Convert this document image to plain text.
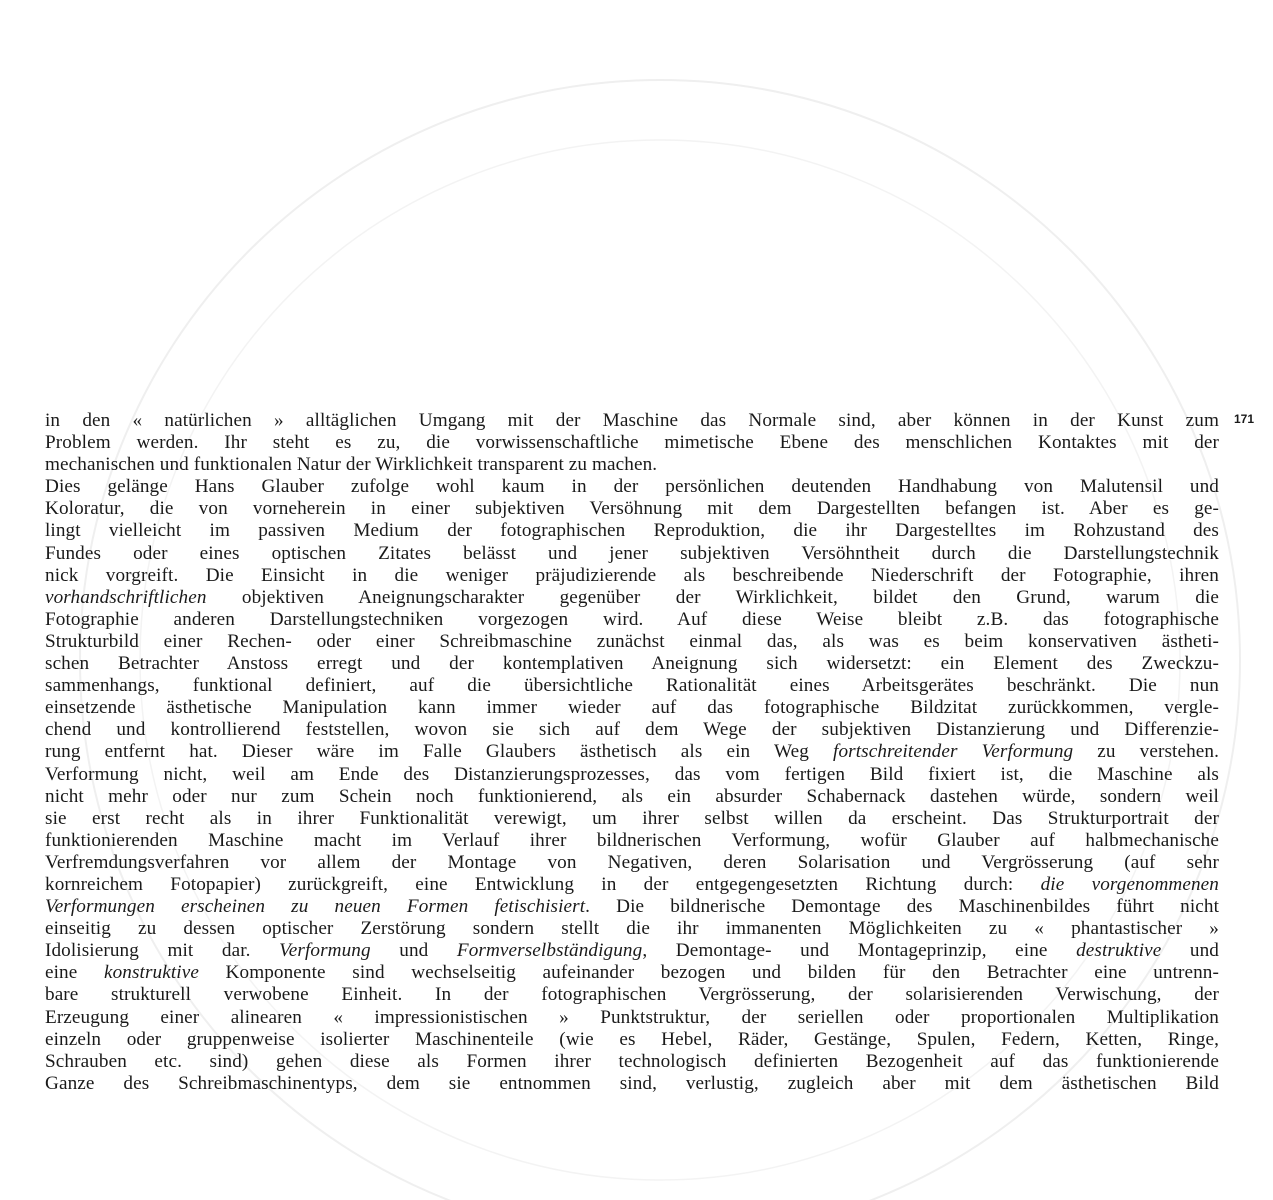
171
in den « natürlichen » alltäglichen Umgang mit der Maschine das Normale sind, aber können in der Kunst zum
Problem werden. Ihr steht es zu, die vorwissenschaftliche mimetische Ebene des menschlichen Kontaktes mit der
mechanischen und funktionalen Natur der Wirklichkeit transparent zu machen.
Dies gelänge Hans Glauber zufolge wohl kaum in der persönlichen deutenden Handhabung von Malutensil und
Koloratur, die von vorneherein in einer subjektiven Versöhnung mit dem Dargestellten befangen ist. Aber es ge-
lingt vielleicht im passiven Medium der fotographischen Reproduktion, die ihr Dargestelltes im Rohzustand des
Fundes oder eines optischen Zitates belässt und jener subjektiven Versöhntheit durch die Darstellungstechnik
nick vorgreift. Die Einsicht in die weniger präjudizierende als beschreibende Niederschrift der Fotographie, ihren
vorhandschriftlichen objektiven Aneignungscharakter gegenüber der Wirklichkeit, bildet den Grund, warum die
Fotographie anderen Darstellungstechniken vorgezogen wird. Auf diese Weise bleibt z.B. das fotographische
Strukturbild einer Rechen- oder einer Schreibmaschine zunächst einmal das, als was es beim konservativen ästheti-
schen Betrachter Anstoss erregt und der kontemplativen Aneignung sich widersetzt: ein Element des Zweckzu-
sammenhangs, funktional definiert, auf die übersichtliche Rationalität eines Arbeitsgerätes beschränkt. Die nun
einsetzende ästhetische Manipulation kann immer wieder auf das fotographische Bildzitat zurückkommen, vergle-
chend und kontrollierend feststellen, wovon sie sich auf dem Wege der subjektiven Distanzierung und Differenzie-
rung entfernt hat. Dieser wäre im Falle Glaubers ästhetisch als ein Weg fortschreitender Verformung zu verstehen.
Verformung nicht, weil am Ende des Distanzierungsprozesses, das vom fertigen Bild fixiert ist, die Maschine als
nicht mehr oder nur zum Schein noch funktionierend, als ein absurder Schabernack dastehen würde, sondern weil
sie erst recht als in ihrer Funktionalität verewigt, um ihrer selbst willen da erscheint. Das Strukturportrait der
funktionierenden Maschine macht im Verlauf ihrer bildnerischen Verformung, wofür Glauber auf halbmechanische
Verfremdungsverfahren vor allem der Montage von Negativen, deren Solarisation und Vergrösserung (auf sehr
kornreichem Fotopapier) zurückgreift, eine Entwicklung in der entgegengesetzten Richtung durch: die vorgenommenen
Verformungen erscheinen zu neuen Formen fetischisiert. Die bildnerische Demontage des Maschinenbildes führt nicht
einseitig zu dessen optischer Zerstörung sondern stellt die ihr immanenten Möglichkeiten zu « phantastischer »
Idolisierung mit dar. Verformung und Formverselbständigung, Demontage- und Montageprinzip, eine destruktive und
eine konstruktive Komponente sind wechselseitig aufeinander bezogen und bilden für den Betrachter eine untrenn-
bare strukturell verwobene Einheit. In der fotographischen Vergrösserung, der solarisierenden Verwischung, der
Erzeugung einer alinearen « impressionistischen » Punktstruktur, der seriellen oder proportionalen Multiplikation
einzeln oder gruppenweise isolierter Maschinenteile (wie es Hebel, Räder, Gestänge, Spulen, Federn, Ketten, Ringe,
Schrauben etc. sind) gehen diese als Formen ihrer technologisch definierten Bezogenheit auf das funktionierende
Ganze des Schreibmaschinentyps, dem sie entnommen sind, verlustig, zugleich aber mit dem ästhetischen Bild
